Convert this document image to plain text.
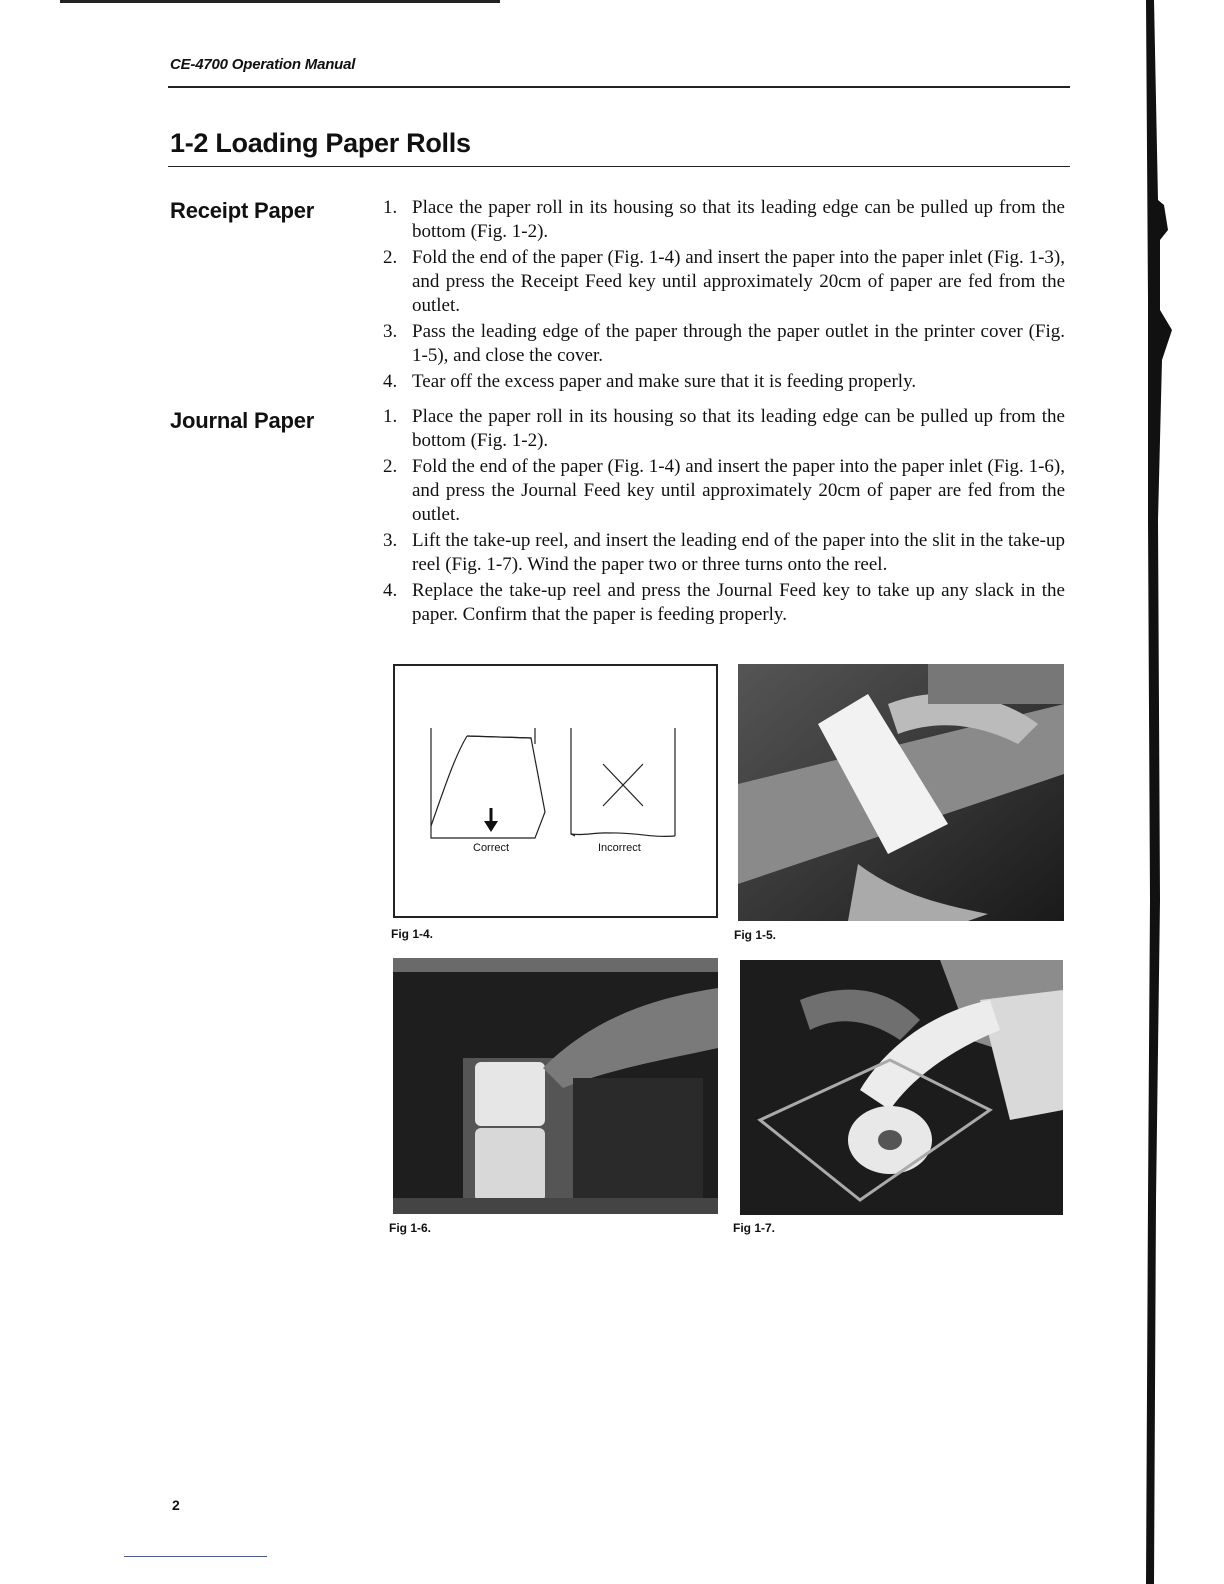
CE-4700 Operation Manual
1-2 Loading Paper Rolls
Receipt Paper	1. Place the paper roll in its housing so that its leading edge can be pulled up from the bottom (Fig. 1-2).
2. Fold the end of the paper (Fig. 1-4) and insert the paper into the paper inlet (Fig. 1-3), and press the Receipt Feed key until approximately 20cm of paper are fed from the outlet.
3. Pass the leading edge of the paper through the paper outlet in the printer cover (Fig. 1-5), and close the cover.
4. Tear off the excess paper and make sure that it is feeding properly.
Journal Paper	1. Place the paper roll in its housing so that its leading edge can be pulled up from the bottom (Fig. 1-2).
2. Fold the end of the paper (Fig. 1-4) and insert the paper into the paper inlet (Fig. 1-6), and press the Journal Feed key until approximately 20cm of paper are fed from the outlet.
3. Lift the take-up reel, and insert the leading end of the paper into the slit in the take-up reel (Fig. 1-7). Wind the paper two or three turns onto the reel.
4. Replace the take-up reel and press the Journal Feed key to take up any slack in the paper. Confirm that the paper is feeding properly.
Correct	Incorrect
Fig 1-4.	Fig 1-5.
Fig 1-6.	Fig 1-7.
2
